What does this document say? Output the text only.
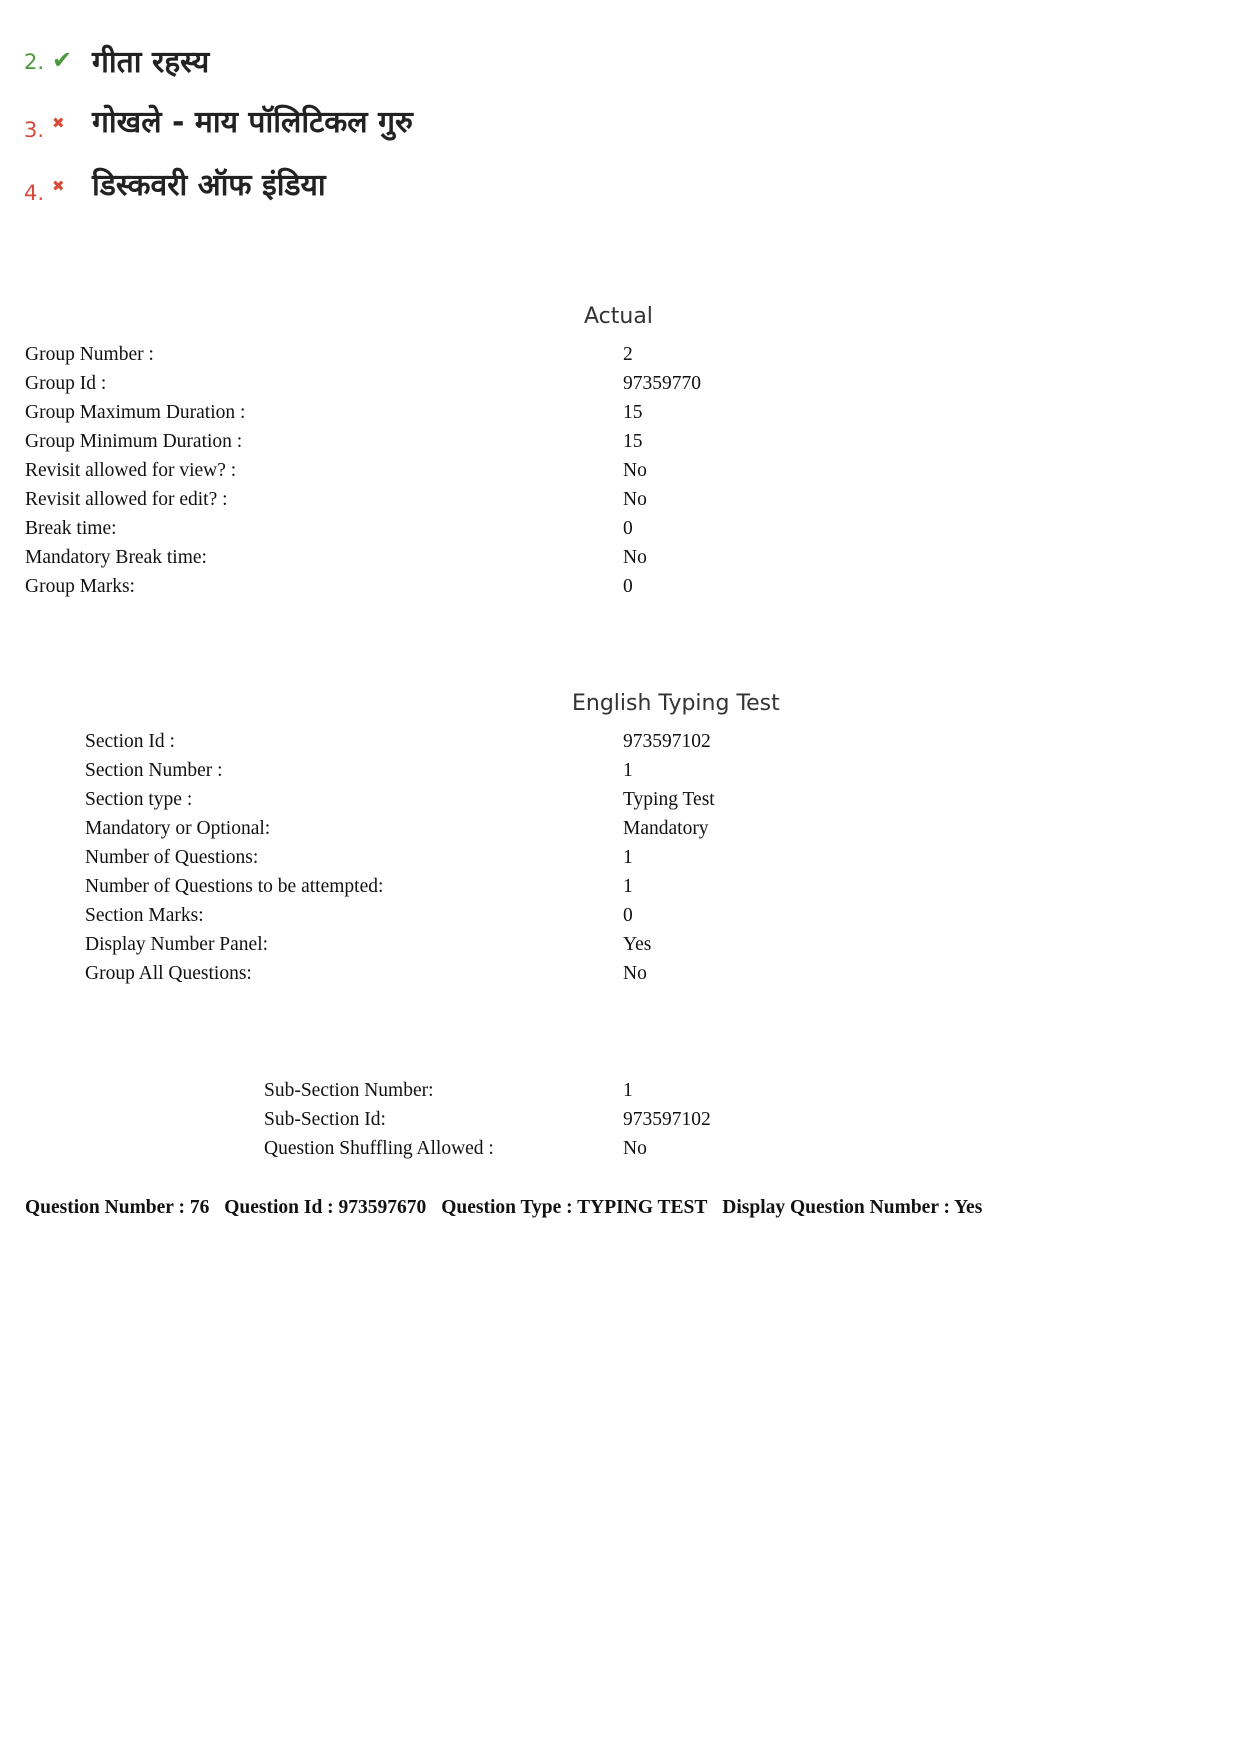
2. ✔ गीता रहस्य
3. ✖ गोखले - माय पॉलिटिकल गुरु
4. ✖ डिस्कवरी ऑफ इंडिया
Actual
Group Number :	2
Group Id :	97359770
Group Maximum Duration :	15
Group Minimum Duration :	15
Revisit allowed for view? :	No
Revisit allowed for edit? :	No
Break time:	0
Mandatory Break time:	No
Group Marks:	0
English Typing Test
Section Id :	973597102
Section Number :	1
Section type :	Typing Test
Mandatory or Optional:	Mandatory
Number of Questions:	1
Number of Questions to be attempted:	1
Section Marks:	0
Display Number Panel:	Yes
Group All Questions:	No
Sub-Section Number:	1
Sub-Section Id:	973597102
Question Shuffling Allowed :	No
Question Number : 76 Question Id : 973597670 Question Type : TYPING TEST Display Question Number : Yes
